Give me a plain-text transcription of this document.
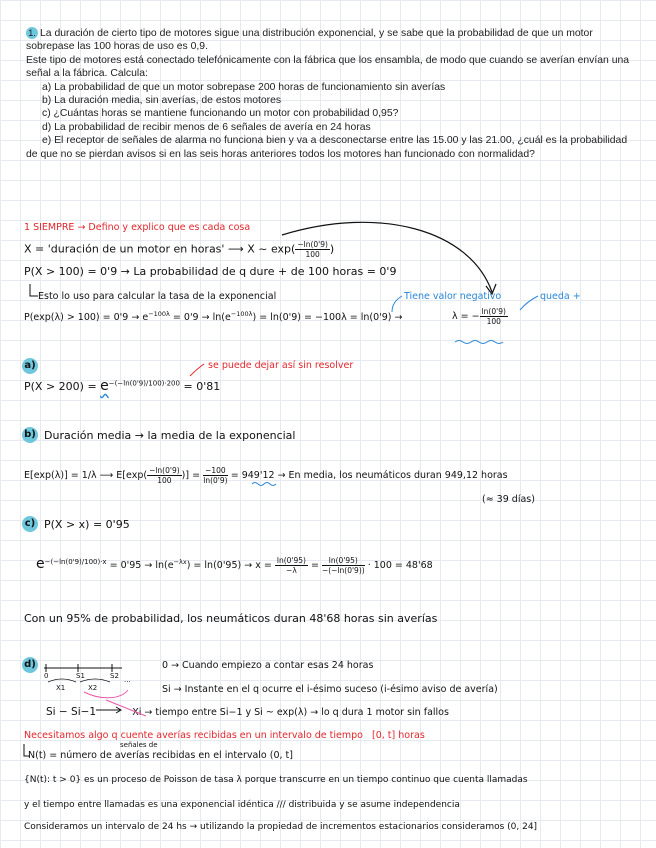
1. La duración de cierto tipo de motores sigue una distribución exponencial, y se sabe que la probabilidad de que un motor sobrepase las 100 horas de uso es 0,9.

Este tipo de motores está conectado telefónicamente con la fábrica que los ensambla, de modo que cuando se averían envían una señal a la fábrica. Calcula:

a) La probabilidad de que un motor sobrepase 200 horas de funcionamiento sin averías

b) La duración media, sin averías, de estos motores

c) ¿Cuántas horas se mantiene funcionando un motor con probabilidad 0,95?

d) La probabilidad de recibir menos de 6 señales de avería en 24 horas

e) El receptor de señales de alarma no funciona bien y va a desconectarse entre las 15.00 y las 21.00, ¿cuál es la probabilidad de que no se pierdan avisos si en las seis horas anteriores todos los motores han funcionado con normalidad?

1 SIEMPRE → Defino y explico que es cada cosa
X = 'duración de un motor en horas' ⟶ X ~ $\exp( \frac{-\ln(0'9)}{100}$ )
P(X > 100) = 0'9 → La probabilidad de q dure + de 100 horas = 0'9
Esto lo uso para calcular la tasa de la exponencial	Tiene valor negativo	queda +
$P(\exp(\lambda) > 100) = 0'9 \to e^{-100\lambda} = 0'9 \to \ln(e^{-100\lambda}) = \ln(0'9) = -100\lambda = \ln(0'9)$ →	λ = − $\frac{\ln(0'9)}{100}$
a)	se puede dejar así sin resolver
$P(X > 200) = e^{-(-ln(0'9)/100)\cdot 200} = 0'81$
b) Duración media → la media de la exponencial
E[exp(λ)] = 1/λ ⟶ $E[\exp( \frac{-\ln(0'9)}{100}$ )] = $\frac{-100}{\ln(0'9)} = 949'12 \to En$ media, los neumáticos duran 949,12 horas
(≈ 39 días)
c) P(X > x) = 0'95
$e^{-(-ln(0'9)/100)\cdot x} = 0'95 \to \ln(e^{-\lambda x}) = \ln(0'95) \to x = \frac{\ln(0'95)}{-\lambda} = \frac{\ln(0'95)}{-(-\ln(0'9))} \cdot 100 = 48'68$
Con un 95% de probabilidad, los neumáticos duran 48'68 horas sin averías
d)	0 → Cuando empiezo a contar esas 24 horas
Si → Instante en el q ocurre el i-ésimo suceso (i-ésimo aviso de avería)
Si − Si−1	Xi → tiempo entre Si−1 y Si ~ exp(λ) → lo q dura 1 motor sin fallos
0	S1	S2 ...
X1	X2
Necesitamos algo q cuente averías recibidas en un intervalo de tiempo [0, t] horas
señales de
N(t) = número de averías recibidas en el intervalo (0, t]
{N(t): t > 0} es un proceso de Poisson de tasa λ porque transcurre en un tiempo continuo que cuenta llamadas
y el tiempo entre llamadas es una exponencial idéntica /// distribuida y se asume independencia
Consideramos un intervalo de 24 hs → utilizando la propiedad de incrementos estacionarios consideramos (0, 24]
